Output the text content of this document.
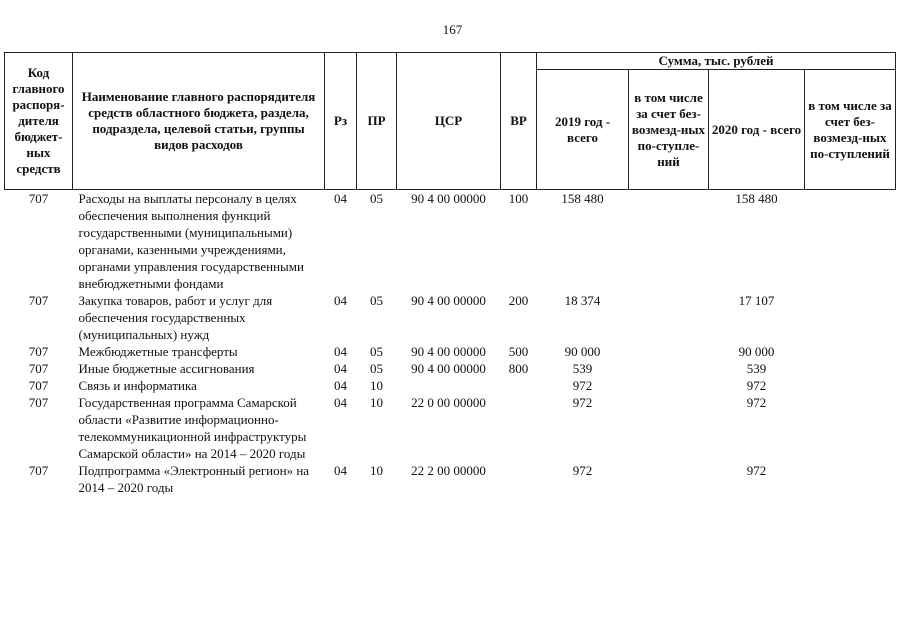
167
Код главного распоря-дителя бюджет-ных средств	Наименование главного распорядителя средств областного бюджета, раздела, подраздела, целевой статьи, группы видов расходов	Рз	ПР	ЦСР	ВР	Сумма, тыс. рублей			
						2019 год - всего	в том числе за счет без-возмезд-ных по-ступле-ний	2020 год - всего	в том числе за счет без-возмезд-ных по-ступлений
707	Расходы на выплаты персоналу в целях обеспечения выполнения функций государственными (муниципальными) органами, казенными учреждениями, органами управления государственными внебюджетными фондами	04	05	90 4 00 00000	100	158 480		158 480	
707	Закупка товаров, работ и услуг для обеспечения государственных (муниципальных) нужд	04	05	90 4 00 00000	200	18 374		17 107	
707	Межбюджетные трансферты	04	05	90 4 00 00000	500	90 000		90 000	
707	Иные бюджетные ассигнования	04	05	90 4 00 00000	800	539		539	
707	Связь и информатика	04	10			972		972	
707	Государственная программа Самарской области «Развитие информационно-телекоммуникационной инфраструктуры Самарской области» на 2014 – 2020 годы	04	10	22 0 00 00000		972		972	
707	Подпрограмма «Электронный регион» на 2014 – 2020 годы	04	10	22 2 00 00000		972		972	
